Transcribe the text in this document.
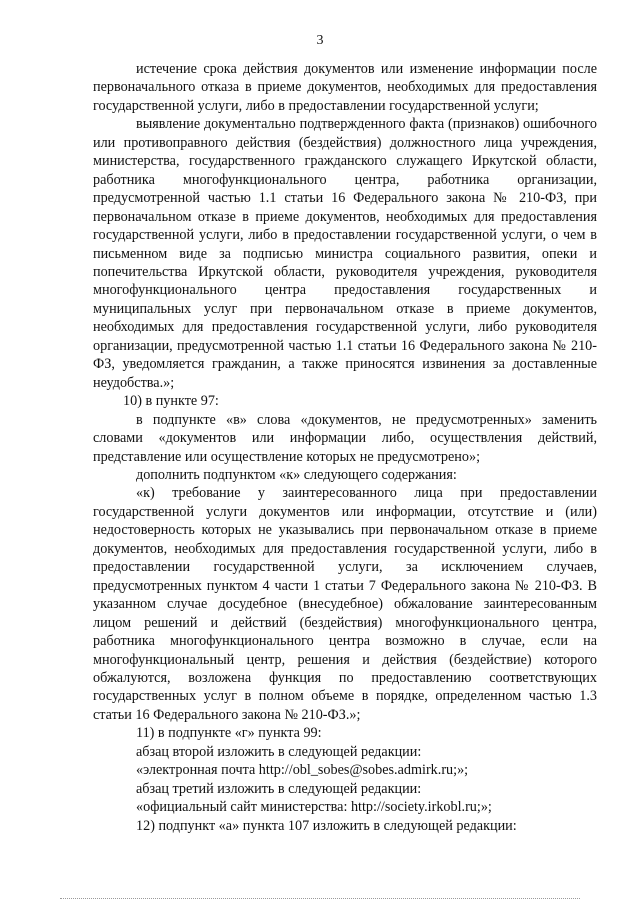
3

истечение срока действия документов или изменение информации после первоначального отказа в приеме документов, необходимых для предоставления государственной услуги, либо в предоставлении государственной услуги;

выявление документально подтвержденного факта (признаков) ошибочного или противоправного действия (бездействия) должностного лица учреждения, министерства, государственного гражданского служащего Иркутской области, работника многофункционального центра, работника организации, предусмотренной частью 1.1 статьи 16 Федерального закона № 210-ФЗ, при первоначальном отказе в приеме документов, необходимых для предоставления государственной услуги, либо в предоставлении государственной услуги, о чем в письменном виде за подписью министра социального развития, опеки и попечительства Иркутской области, руководителя учреждения, руководителя многофункционального центра предоставления государственных и муниципальных услуг при первоначальном отказе в приеме документов, необходимых для предоставления государственной услуги, либо руководителя организации, предусмотренной частью 1.1 статьи 16 Федерального закона № 210-ФЗ, уведомляется гражданин, а также приносятся извинения за доставленные неудобства.»;

10) в пункте 97:

в подпункте «в» слова «документов, не предусмотренных» заменить словами «документов или информации либо, осуществления действий, представление или осуществление которых не предусмотрено»;

дополнить подпунктом «к» следующего содержания:

«к) требование у заинтересованного лица при предоставлении государственной услуги документов или информации, отсутствие и (или) недостоверность которых не указывались при первоначальном отказе в приеме документов, необходимых для предоставления государственной услуги, либо в предоставлении государственной услуги, за исключением случаев, предусмотренных пунктом 4 части 1 статьи 7 Федерального закона № 210-ФЗ. В указанном случае досудебное (внесудебное) обжалование заинтересованным лицом решений и действий (бездействия) многофункционального центра, работника многофункционального центра возможно в случае, если на многофункциональный центр, решения и действия (бездействие) которого обжалуются, возложена функция по предоставлению соответствующих государственных услуг в полном объеме в порядке, определенном частью 1.3 статьи 16 Федерального закона № 210-ФЗ.»;

11) в подпункте «г» пункта 99:

абзац второй изложить в следующей редакции:

«электронная почта http://obl_sobes@sobes.admirk.ru;»;

абзац третий изложить в следующей редакции:

«официальный сайт министерства: http://society.irkobl.ru;»;

12) подпункт «а» пункта 107 изложить в следующей редакции:
